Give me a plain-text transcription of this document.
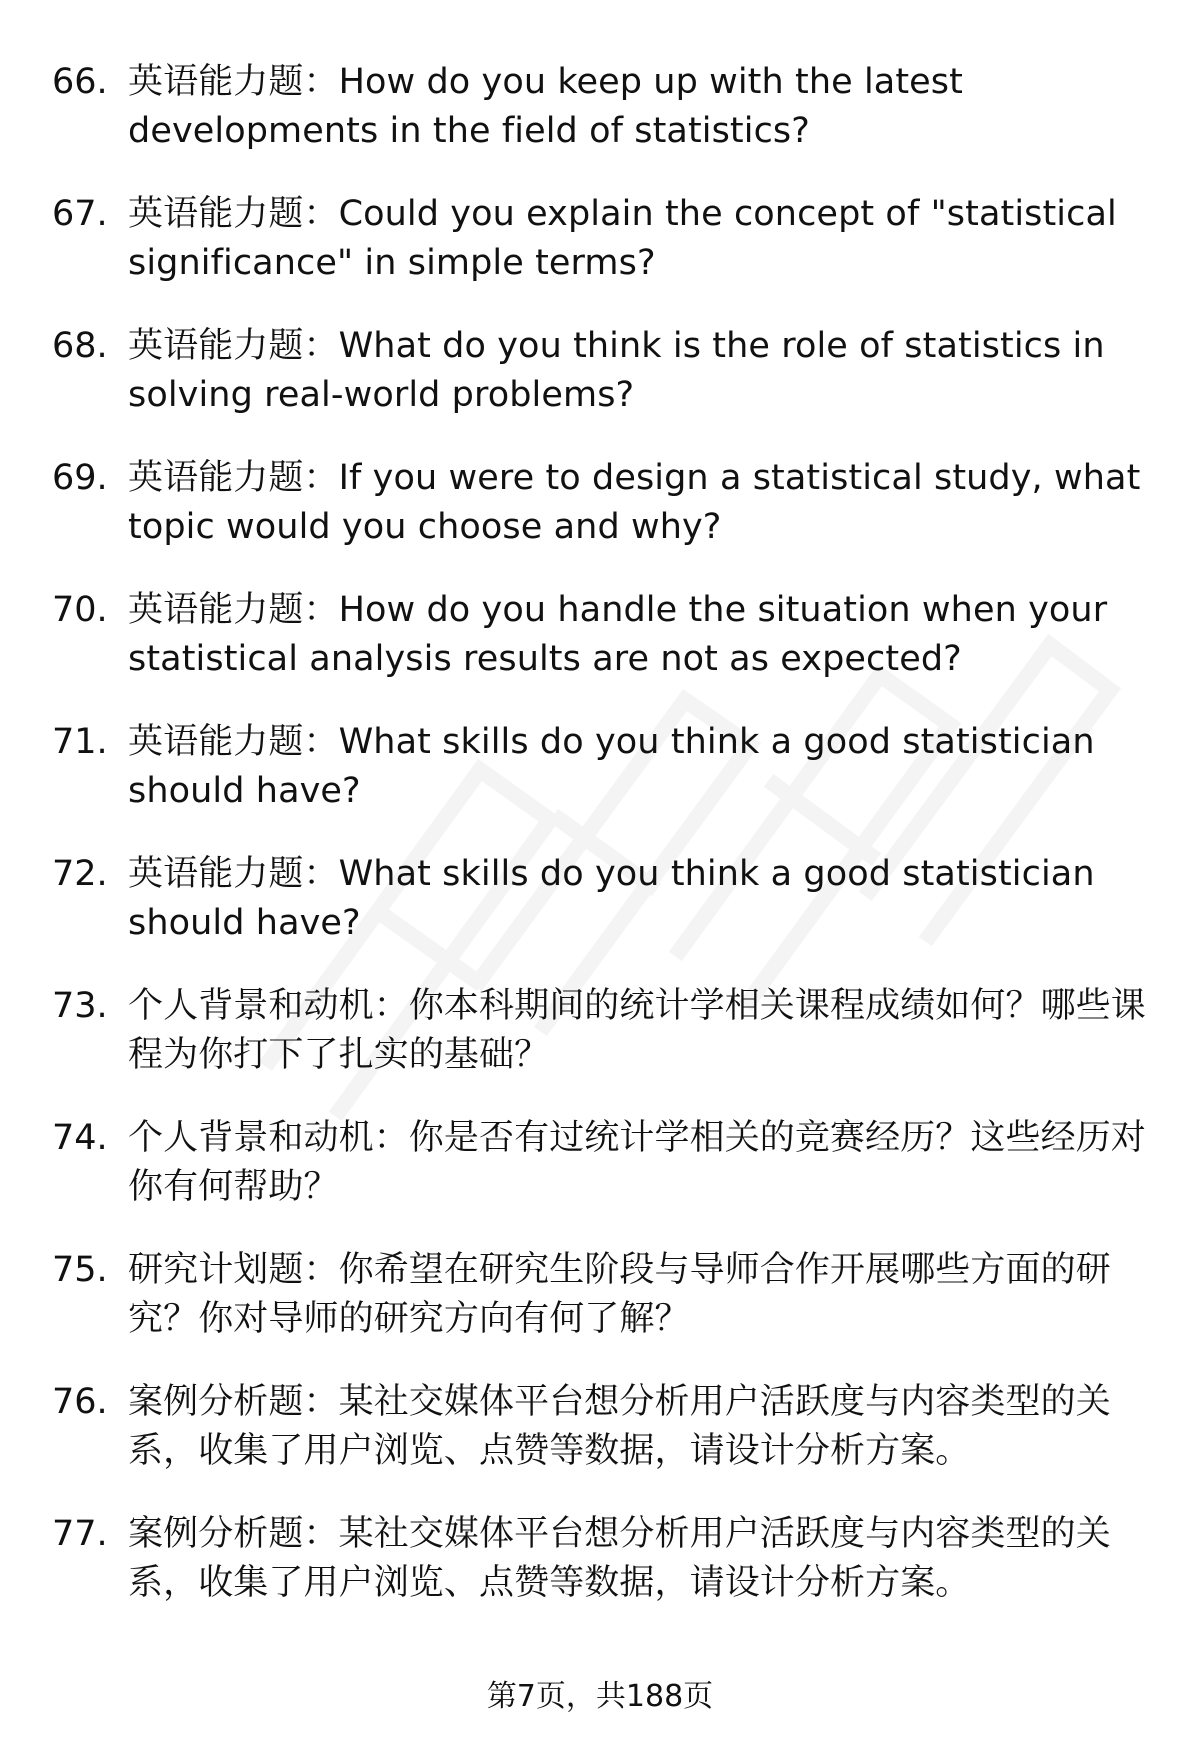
66. 英语能力题：How do you keep up with the latest developments in the field of statistics?
67. 英语能力题：Could you explain the concept of "statistical significance" in simple terms?
68. 英语能力题：What do you think is the role of statistics in solving real-world problems?
69. 英语能力题：If you were to design a statistical study, what topic would you choose and why?
70. 英语能力题：How do you handle the situation when your statistical analysis results are not as expected?
71. 英语能力题：What skills do you think a good statistician should have?
72. 英语能力题：What skills do you think a good statistician should have?
73. 个人背景和动机：你本科期间的统计学相关课程成绩如何？哪些课程为你打下了扎实的基础？
74. 个人背景和动机：你是否有过统计学相关的竞赛经历？这些经历对你有何帮助？
75. 研究计划题：你希望在研究生阶段与导师合作开展哪些方面的研究？你对导师的研究方向有何了解？
76. 案例分析题：某社交媒体平台想分析用户活跃度与内容类型的关系，收集了用户浏览、点赞等数据，请设计分析方案。
77. 案例分析题：某社交媒体平台想分析用户活跃度与内容类型的关系，收集了用户浏览、点赞等数据，请设计分析方案。
第7页，共188页
